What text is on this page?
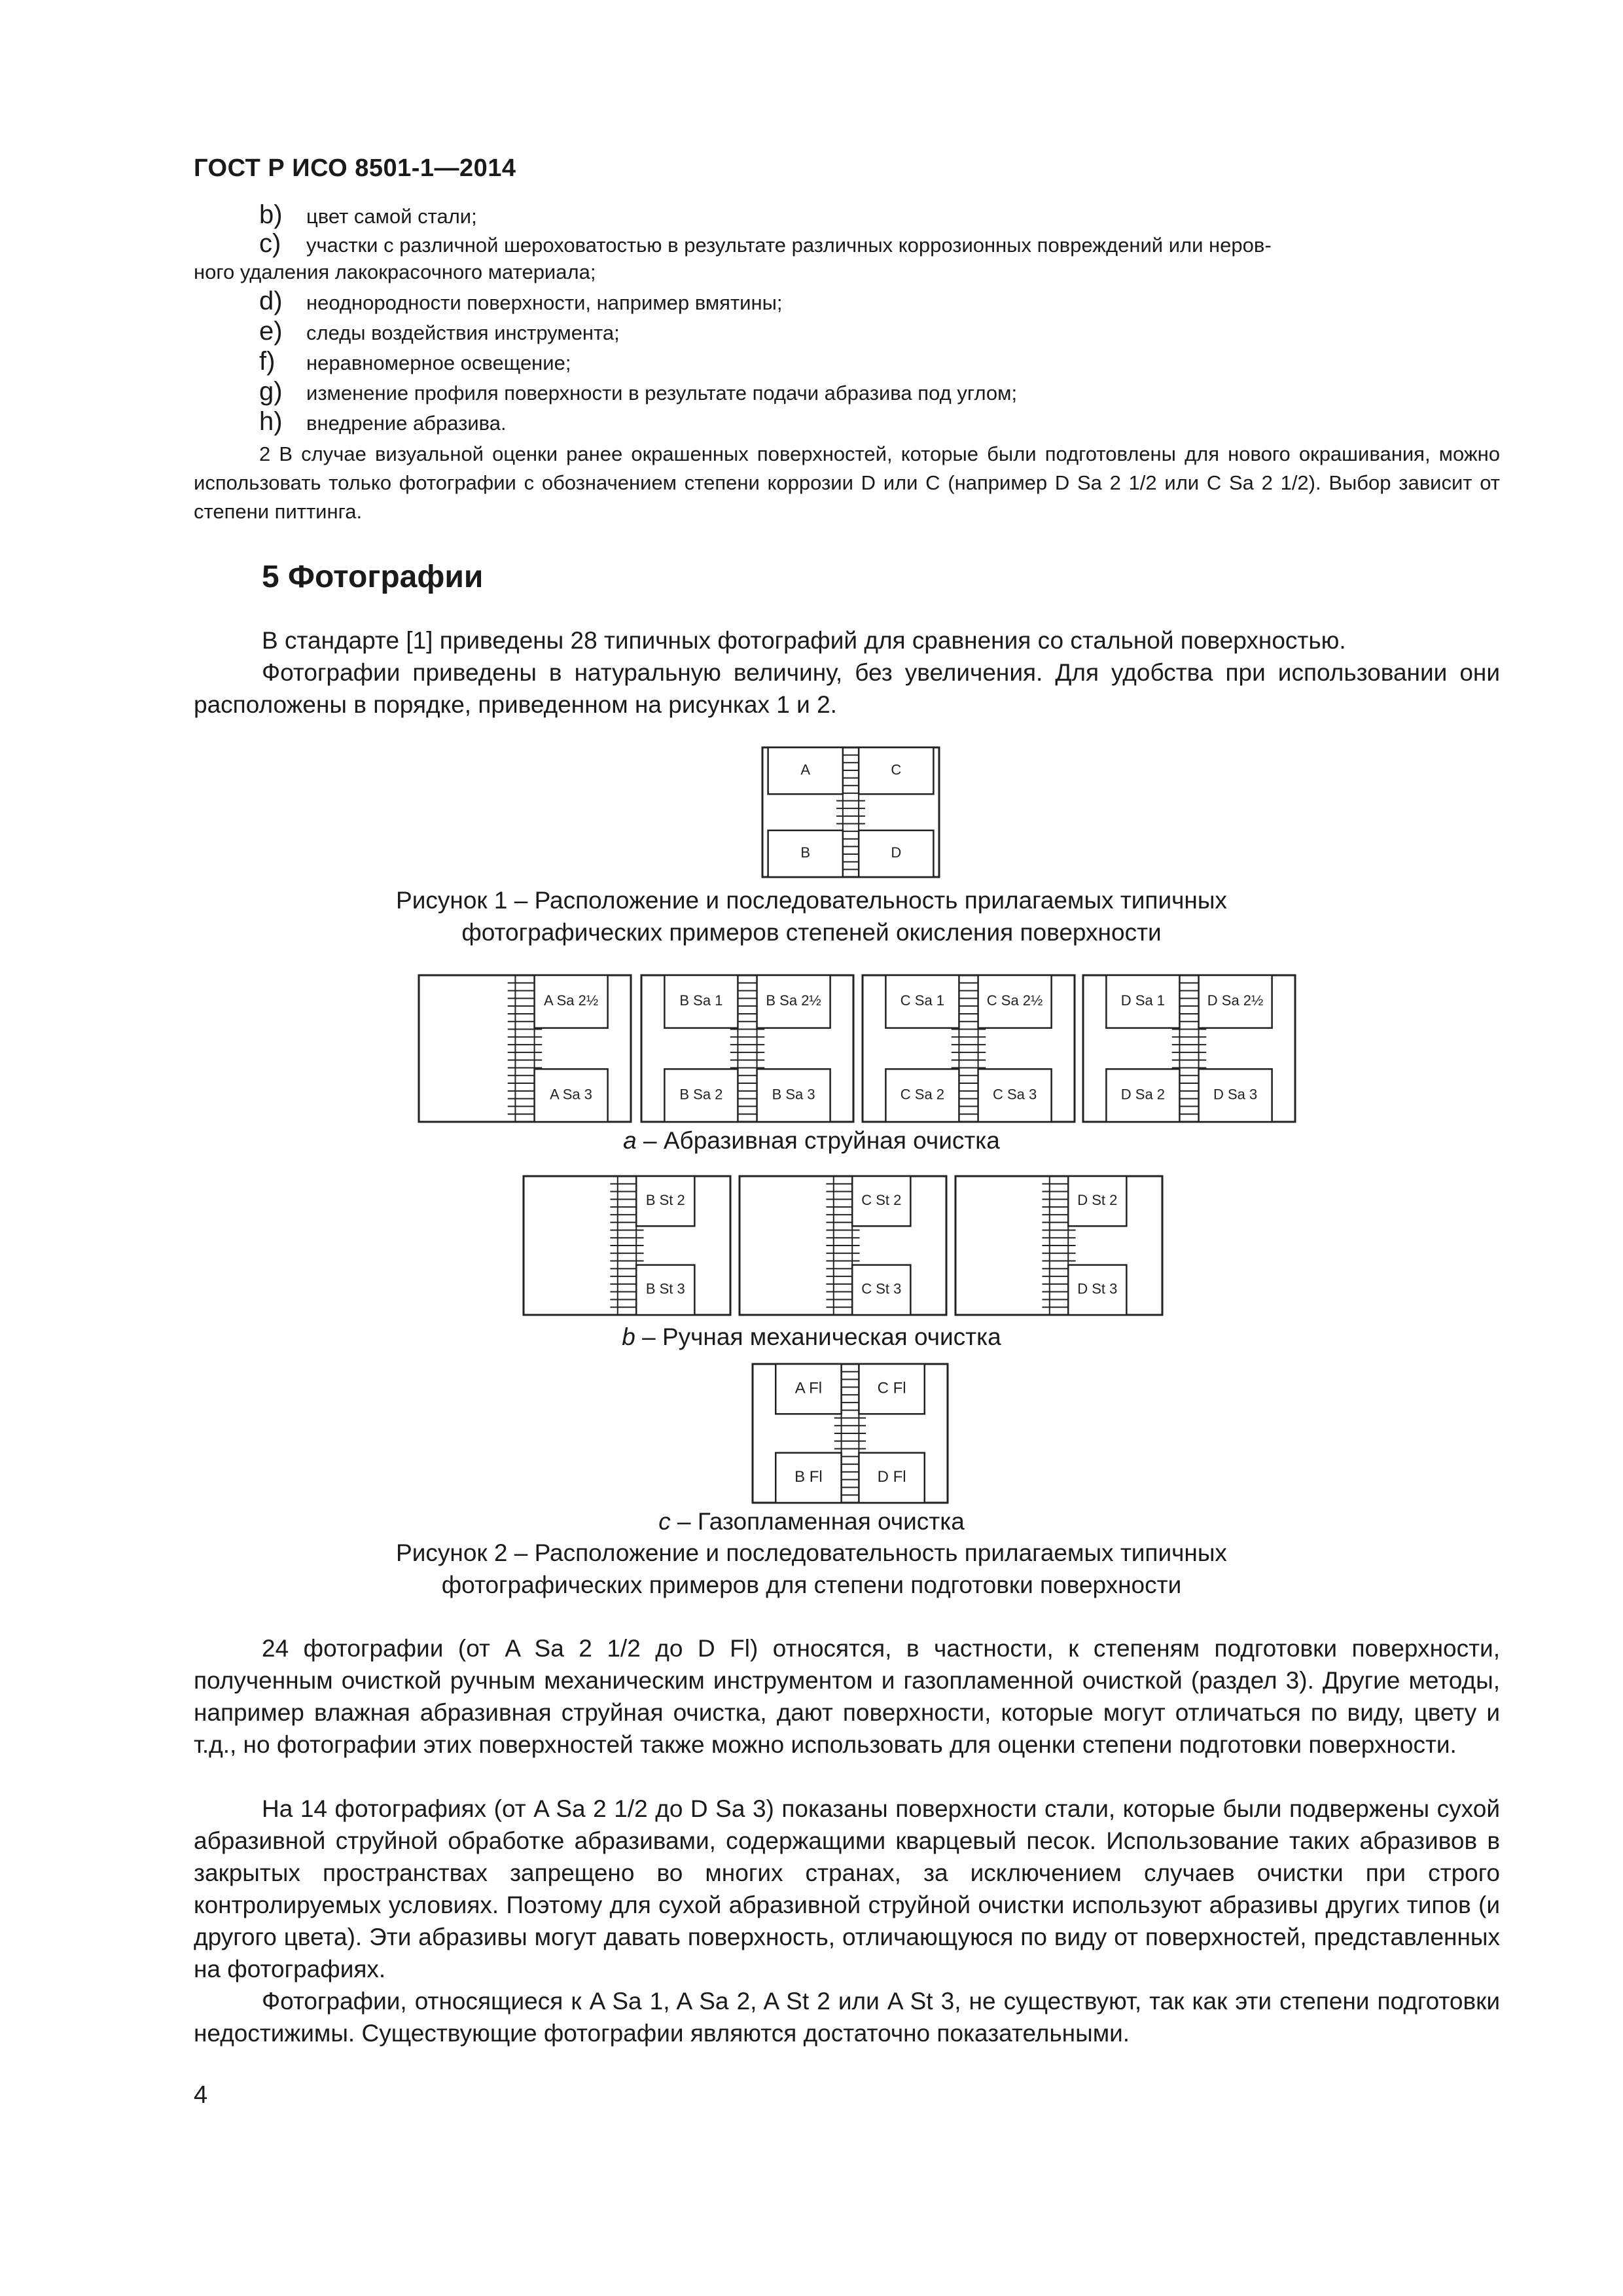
ГОСТ Р ИСО 8501-1—2014
b) цвет самой стали;
c) участки с различной шероховатостью в результате различных коррозионных повреждений или неров-
ного удаления лакокрасочного материала;
d) неоднородности поверхности, например вмятины;
e) следы воздействия инструмента;
f) неравномерное освещение;
g) изменение профиля поверхности в результате подачи абразива под углом;
h) внедрение абразива.

2 В случае визуальной оценки ранее окрашенных поверхностей, которые были подготовлены для нового окрашивания, можно использовать только фотографии с обозначением степени коррозии D или C (например D Sa 2 1/2 или C Sa 2 1/2). Выбор зависит от степени питтинга.

5 Фотографии

В стандарте [1] приведены 28 типичных фотографий для сравнения со стальной поверхностью.

Фотографии приведены в натуральную величину, без увеличения. Для удобства при использовании они расположены в порядке, приведенном на рисунках 1 и 2.

A
B
C
D
A Sa 2½
A Sa 3
B Sa 1
B Sa 2
B Sa 2½
B Sa 3
C Sa 1
C Sa 2
C Sa 2½
C Sa 3
D Sa 1
D Sa 2
D Sa 2½
D Sa 3
B St 2
B St 3
C St 2
C St 3
D St 2
D St 3
A Fl
B Fl
C Fl
D Fl
Рисунок 1 – Расположение и последовательность прилагаемых типичных
фотографических примеров степеней окисления поверхности
a – Абразивная струйная очистка
b – Ручная механическая очистка
c – Газопламенная очистка
Рисунок 2 – Расположение и последовательность прилагаемых типичных
фотографических примеров для степени подготовки поверхности

24 фотографии (от A Sa 2 1/2 до D Fl) относятся, в частности, к степеням подготовки поверхности, полученным очисткой ручным механическим инструментом и газопламенной очисткой (раздел 3). Другие методы, например влажная абразивная струйная очистка, дают поверхности, которые могут отличаться по виду, цвету и т.д., но фотографии этих поверхностей также можно использовать для оценки степени подготовки поверхности.

На 14 фотографиях (от A Sa 2 1/2 до D Sa 3) показаны поверхности стали, которые были подвержены сухой абразивной струйной обработке абразивами, содержащими кварцевый песок. Использование таких абразивов в закрытых пространствах запрещено во многих странах, за исключением случаев очистки при строго контролируемых условиях. Поэтому для сухой абразивной струйной очистки используют абразивы других типов (и другого цвета). Эти абразивы могут давать поверхность, отличающуюся по виду от поверхностей, представленных на фотографиях.

Фотографии, относящиеся к A Sa 1, A Sa 2, A St 2 или A St 3, не существуют, так как эти степени подготовки недостижимы. Существующие фотографии являются достаточно показательными.

4
